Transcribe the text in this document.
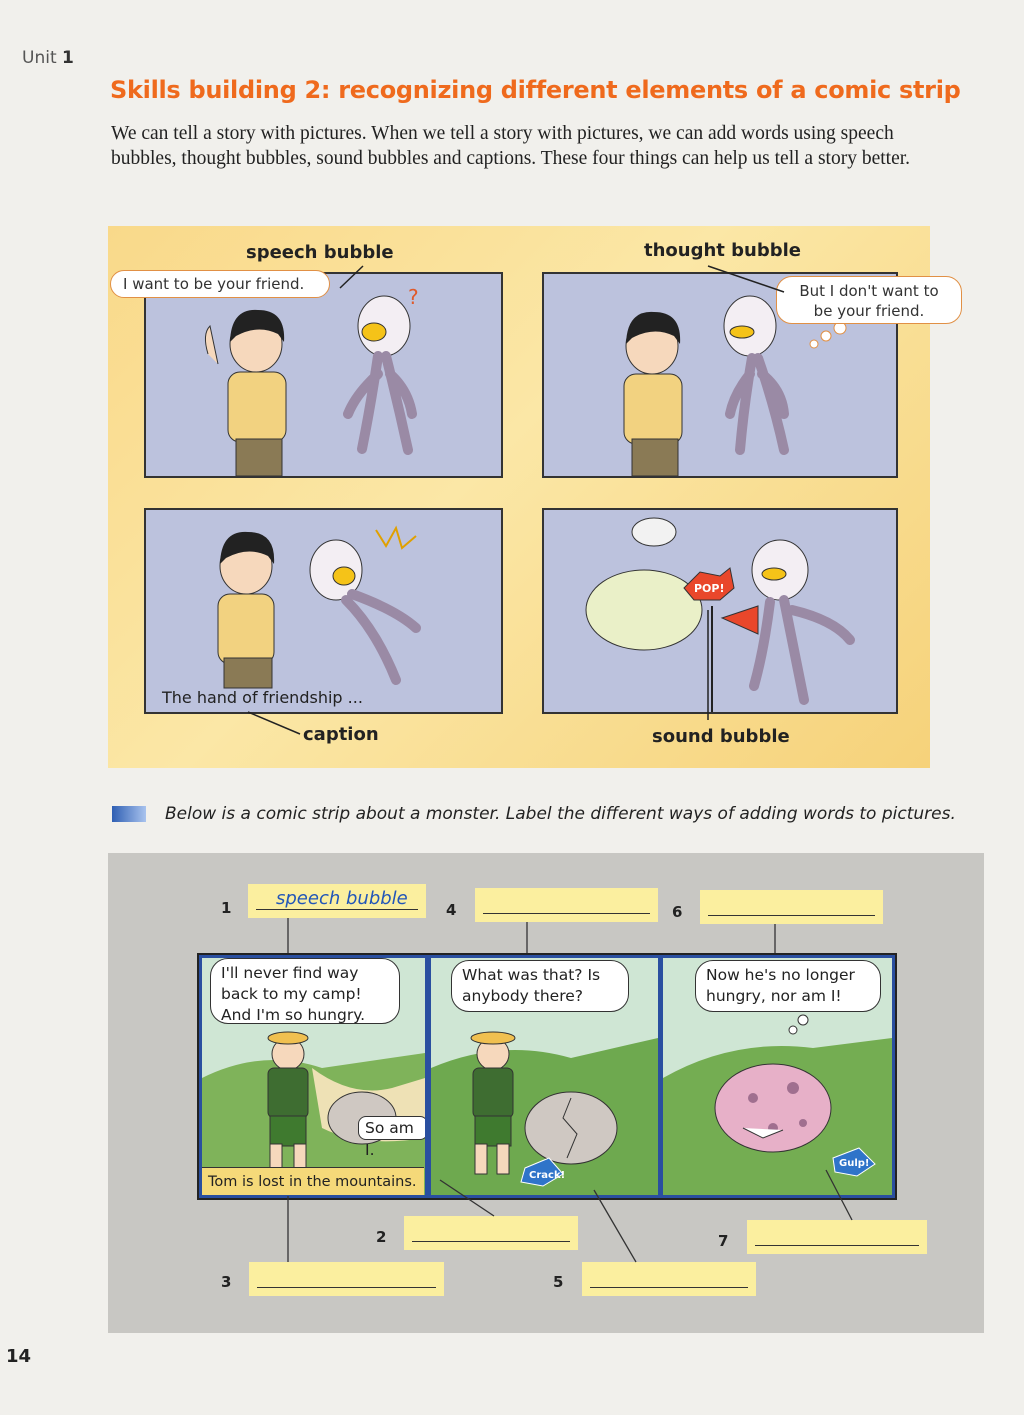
Unit 1
Skills building 2: recognizing different elements of a comic strip
We can tell a story with pictures. When we tell a story with pictures, we can add words using speech bubbles, thought bubbles, sound bubbles and captions. These four things can help us tell a story better.
speech bubble	thought bubble
?
I want to be your friend.	But I don't want to be your friend.
The hand of friendship ...
POP!
caption	sound bubble
Below is a comic strip about a monster. Label the different ways of adding words to pictures.
1 speech bubble
4	6
I'll never find way back to my camp! And I'm so hungry.
So am I.
Tom is lost in the mountains.	Crack!
What was that? Is anybody there?
Gulp!
Now he's no longer hungry, nor am I!
2	7
3	5
14
